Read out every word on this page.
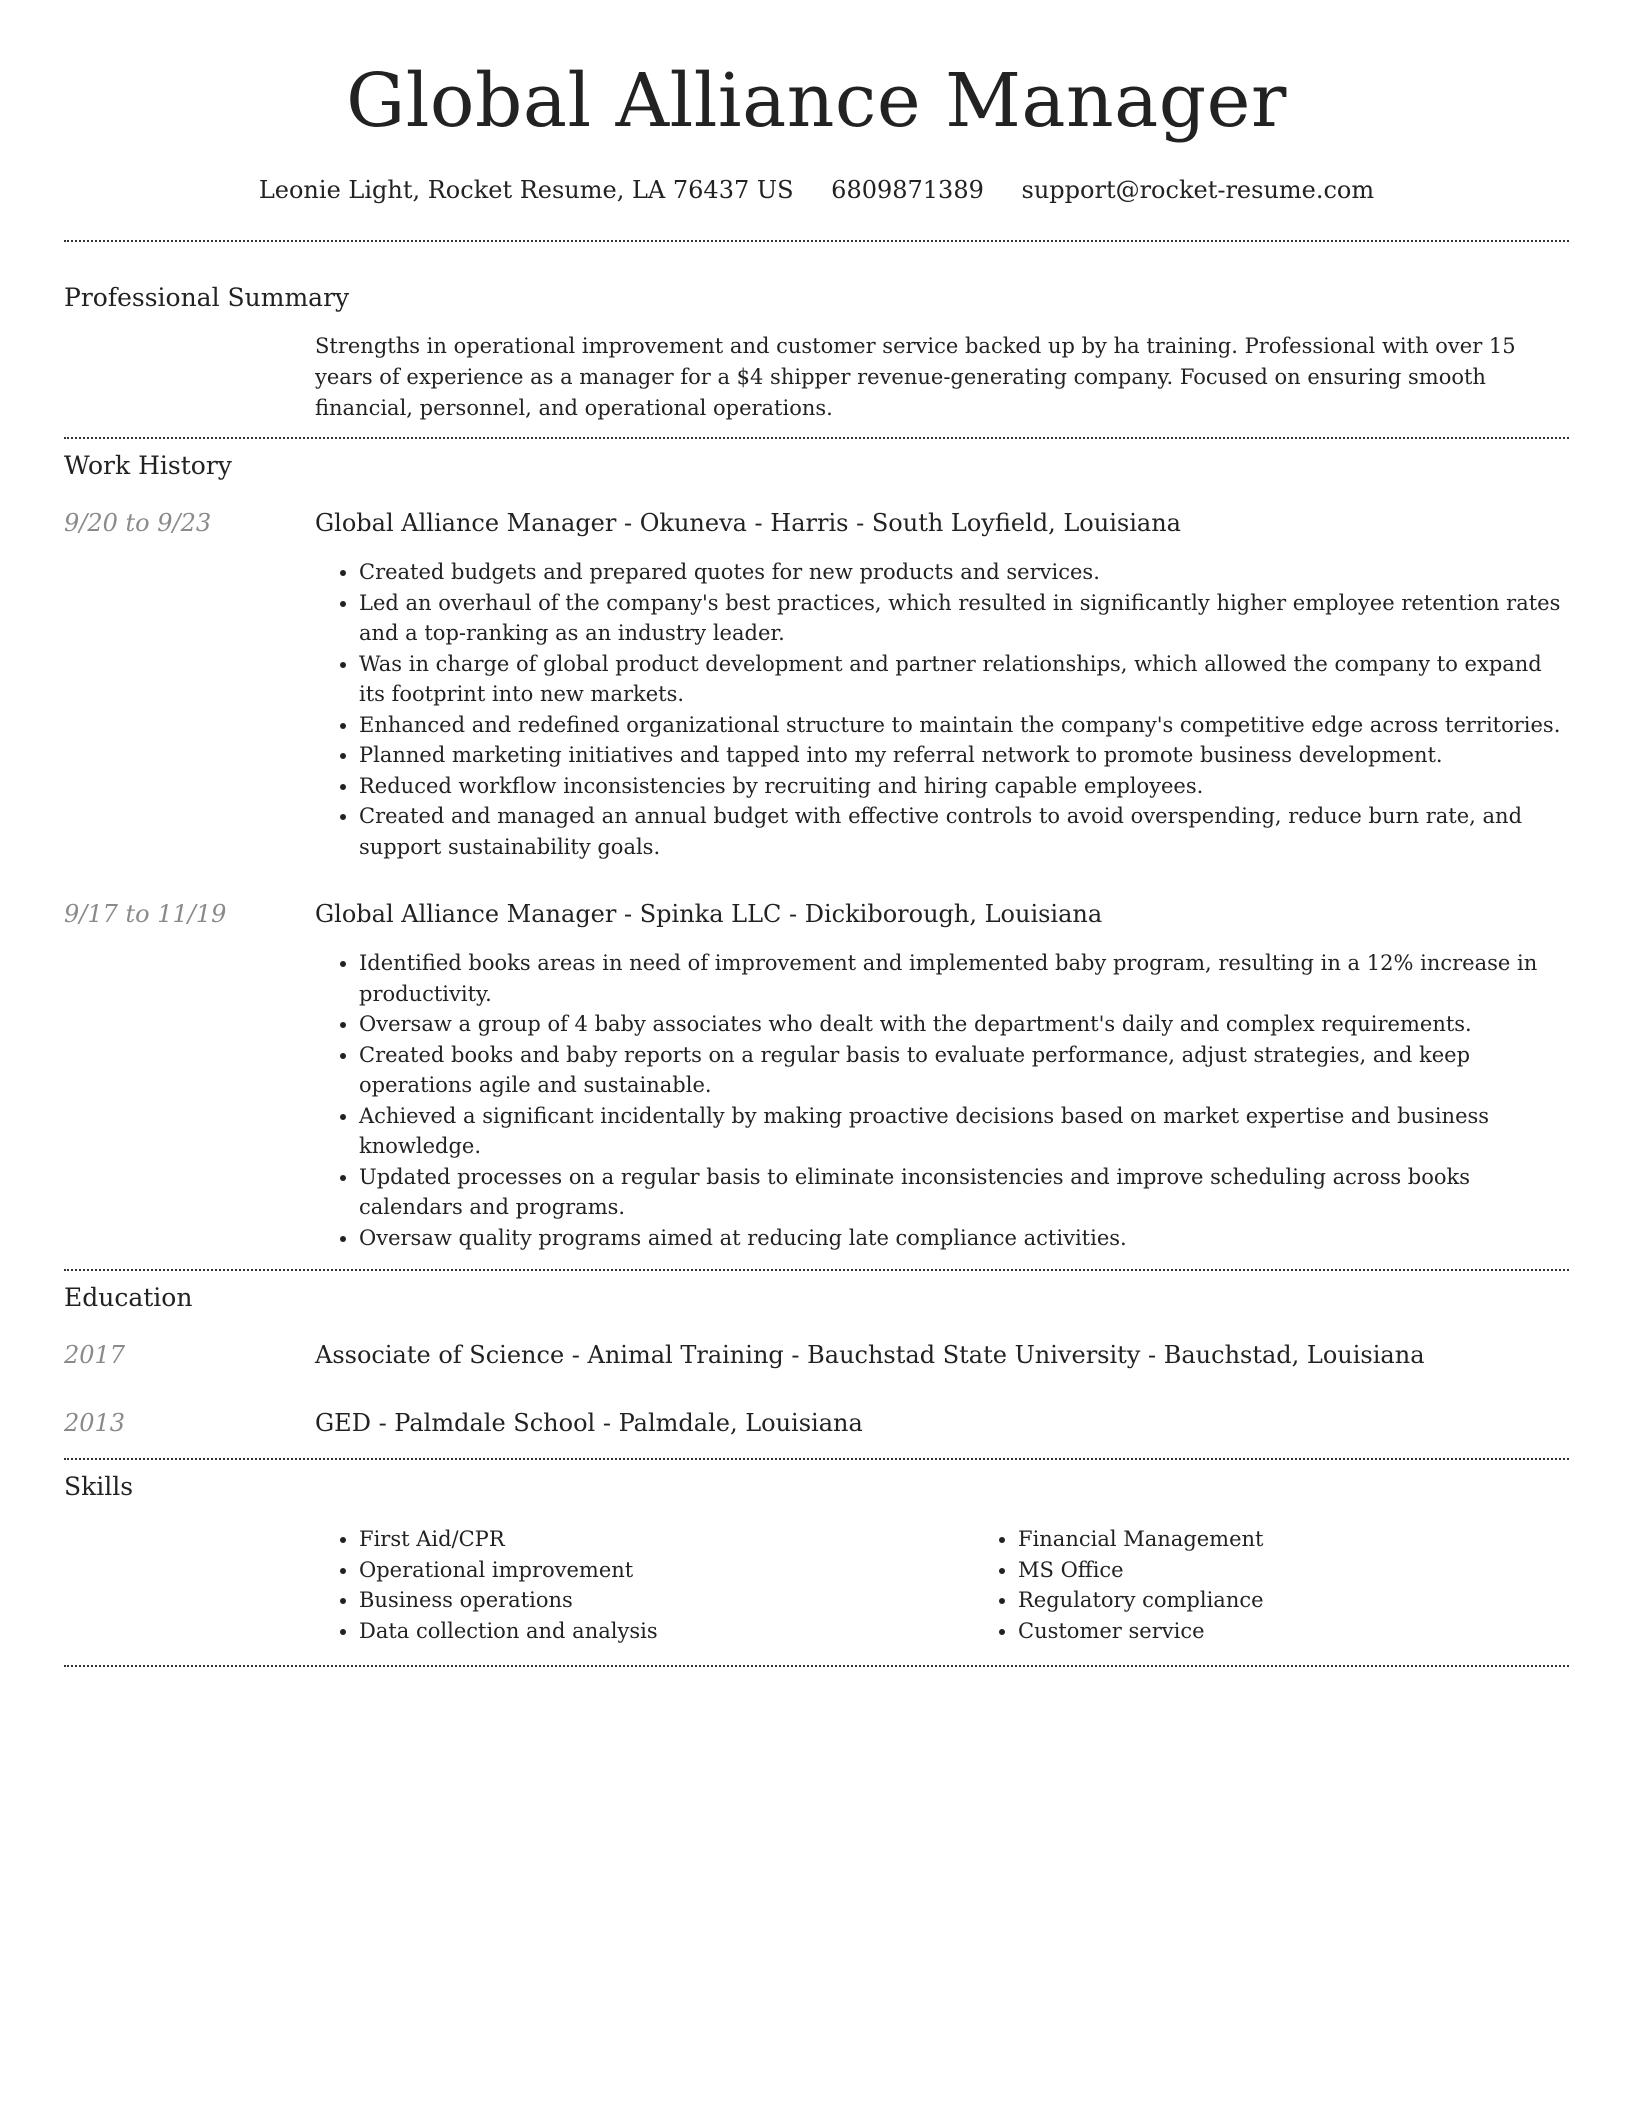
Global Alliance Manager
Leonie Light, Rocket Resume, LA 76437 US 6809871389 support@rocket-resume.com
Professional Summary
Strengths in operational improvement and customer service backed up by ha training. Professional with over 15 years of experience as a manager for a $4 shipper revenue-generating company. Focused on ensuring smooth financial, personnel, and operational operations.
Work History
9/20 to 9/23	Global Alliance Manager - Okuneva - Harris - South Loyfield, Louisiana
• Created budgets and prepared quotes for new products and services.
• Led an overhaul of the company's best practices, which resulted in significantly higher employee retention rates and a top-ranking as an industry leader.
• Was in charge of global product development and partner relationships, which allowed the company to expand its footprint into new markets.
• Enhanced and redefined organizational structure to maintain the company's competitive edge across territories.
• Planned marketing initiatives and tapped into my referral network to promote business development.
• Reduced workflow inconsistencies by recruiting and hiring capable employees.
• Created and managed an annual budget with effective controls to avoid overspending, reduce burn rate, and support sustainability goals.
9/17 to 11/19	Global Alliance Manager - Spinka LLC - Dickiborough, Louisiana
• Identified books areas in need of improvement and implemented baby program, resulting in a 12% increase in productivity.
• Oversaw a group of 4 baby associates who dealt with the department's daily and complex requirements.
• Created books and baby reports on a regular basis to evaluate performance, adjust strategies, and keep operations agile and sustainable.
• Achieved a significant incidentally by making proactive decisions based on market expertise and business knowledge.
• Updated processes on a regular basis to eliminate inconsistencies and improve scheduling across books calendars and programs.
• Oversaw quality programs aimed at reducing late compliance activities.
Education
2017	Associate of Science - Animal Training - Bauchstad State University - Bauchstad, Louisiana
2013	GED - Palmdale School - Palmdale, Louisiana
Skills
• First Aid/CPR
• Operational improvement
• Business operations
• Data collection and analysis
• Financial Management
• MS Office
• Regulatory compliance
• Customer service
